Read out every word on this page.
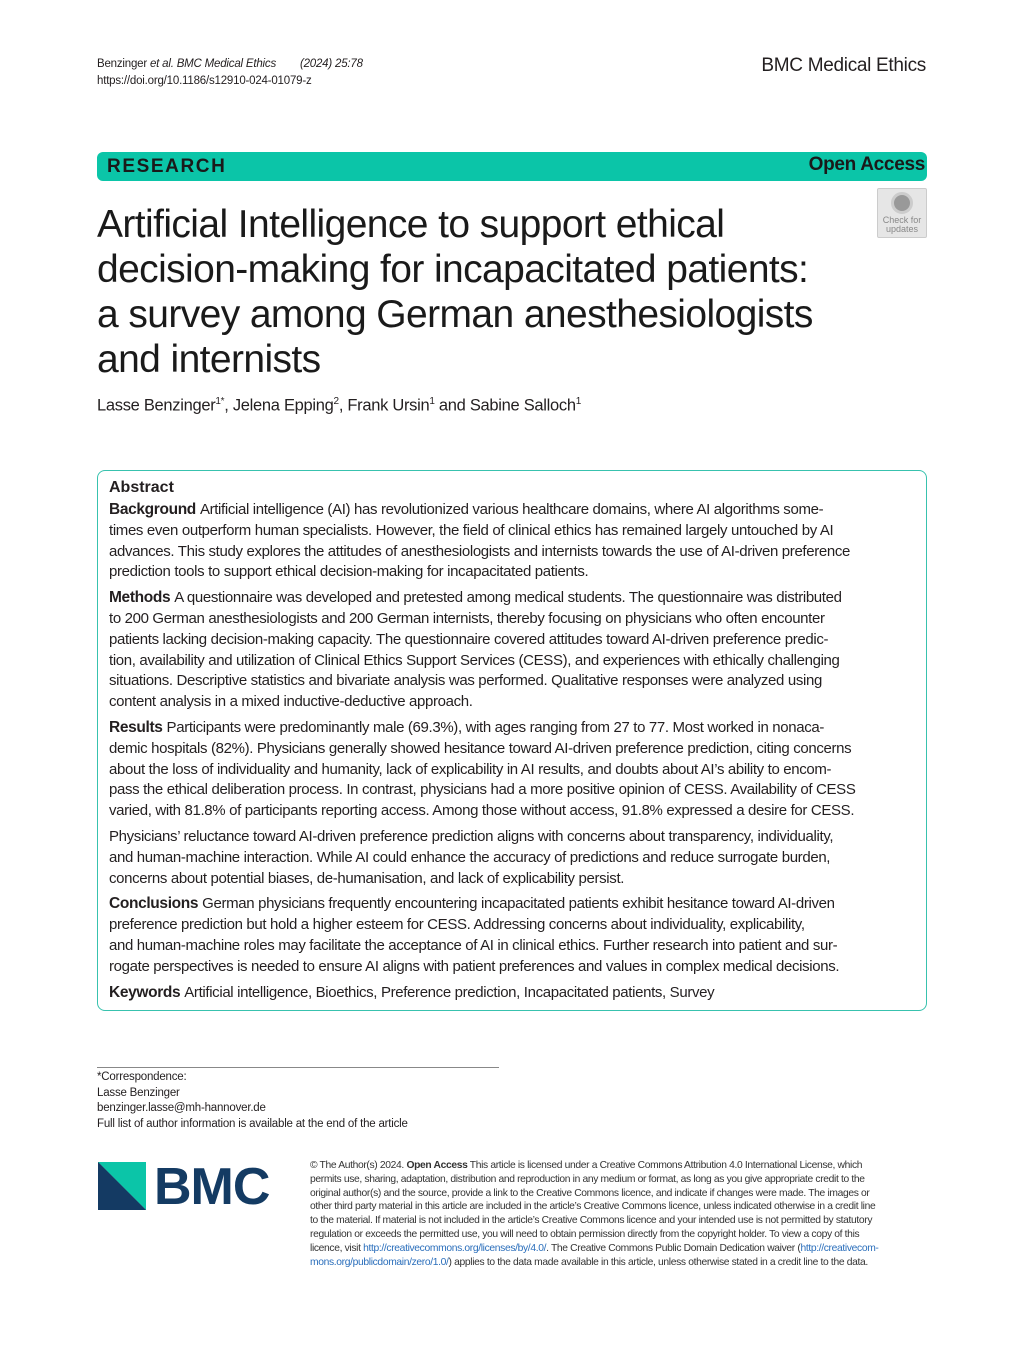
Benzinger et al. BMC Medical Ethics (2024) 25:78
https://doi.org/10.1186/s12910-024-01079-z
BMC Medical Ethics
RESEARCH	Open Access
Check for
updates
Artificial Intelligence to support ethical
decision-making for incapacitated patients:
a survey among German anesthesiologists
and internists
Lasse Benzinger$^{1*}$, Jelena Epping$^2$, Frank Ursin$^1$ and Sabine Salloch$^1$
Abstract
Background Artificial intelligence (AI) has revolutionized various healthcare domains, where AI algorithms some-
times even outperform human specialists. However, the field of clinical ethics has remained largely untouched by AI
advances. This study explores the attitudes of anesthesiologists and internists towards the use of AI-driven preference
prediction tools to support ethical decision-making for incapacitated patients.
Methods A questionnaire was developed and pretested among medical students. The questionnaire was distributed
to 200 German anesthesiologists and 200 German internists, thereby focusing on physicians who often encounter
patients lacking decision-making capacity. The questionnaire covered attitudes toward AI-driven preference predic-
tion, availability and utilization of Clinical Ethics Support Services (CESS), and experiences with ethically challenging
situations. Descriptive statistics and bivariate analysis was performed. Qualitative responses were analyzed using
content analysis in a mixed inductive-deductive approach.
Results Participants were predominantly male (69.3%), with ages ranging from 27 to 77. Most worked in nonaca-
demic hospitals (82%). Physicians generally showed hesitance toward AI-driven preference prediction, citing concerns
about the loss of individuality and humanity, lack of explicability in AI results, and doubts about AI’s ability to encom-
pass the ethical deliberation process. In contrast, physicians had a more positive opinion of CESS. Availability of CESS
varied, with 81.8% of participants reporting access. Among those without access, 91.8% expressed a desire for CESS.
Physicians’ reluctance toward AI-driven preference prediction aligns with concerns about transparency, individuality,
and human-machine interaction. While AI could enhance the accuracy of predictions and reduce surrogate burden,
concerns about potential biases, de-humanisation, and lack of explicability persist.
Conclusions German physicians frequently encountering incapacitated patients exhibit hesitance toward AI-driven
preference prediction but hold a higher esteem for CESS. Addressing concerns about individuality, explicability,
and human-machine roles may facilitate the acceptance of AI in clinical ethics. Further research into patient and sur-
rogate perspectives is needed to ensure AI aligns with patient preferences and values in complex medical decisions.
Keywords Artificial intelligence, Bioethics, Preference prediction, Incapacitated patients, Survey
*Correspondence:
Lasse Benzinger
benzinger.lasse@mh-hannover.de
Full list of author information is available at the end of the article
BMC	© The Author(s) 2024. Open Access This article is licensed under a Creative Commons Attribution 4.0 International License, which
permits use, sharing, adaptation, distribution and reproduction in any medium or format, as long as you give appropriate credit to the
original author(s) and the source, provide a link to the Creative Commons licence, and indicate if changes were made. The images or
other third party material in this article are included in the article’s Creative Commons licence, unless indicated otherwise in a credit line
to the material. If material is not included in the article’s Creative Commons licence and your intended use is not permitted by statutory
regulation or exceeds the permitted use, you will need to obtain permission directly from the copyright holder. To view a copy of this
licence, visit http://creativecommons.org/licenses/by/4.0/. The Creative Commons Public Domain Dedication waiver (http://creativecom-
mons.org/publicdomain/zero/1.0/) applies to the data made available in this article, unless otherwise stated in a credit line to the data.
